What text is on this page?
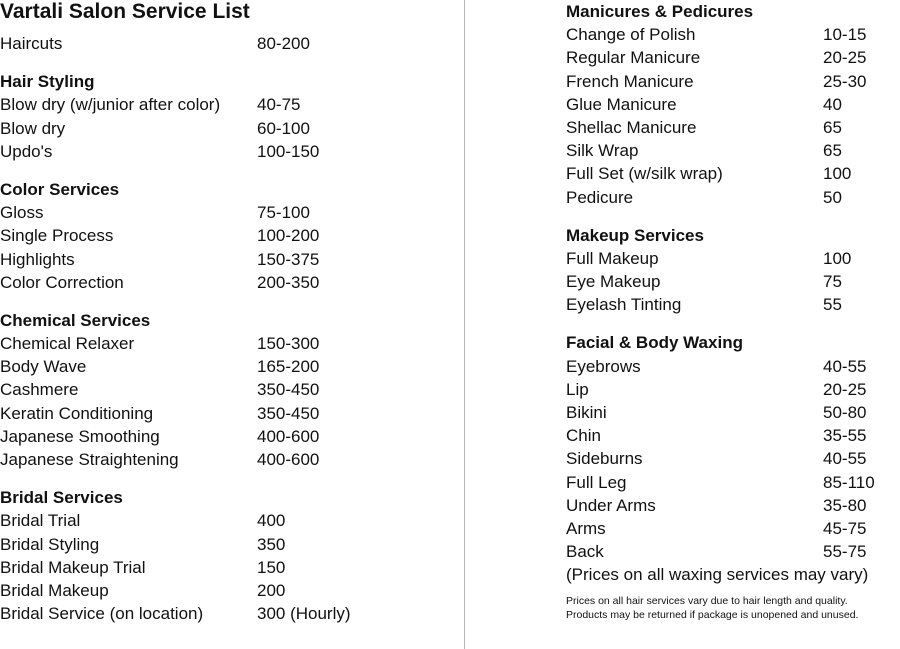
Vartali Salon Service List
Haircuts	80-200
Hair Styling
Blow dry (w/junior after color)	40-75
Blow dry	60-100
Updo's	100-150
Color Services
Gloss	75-100
Single Process	100-200
Highlights	150-375
Color Correction	200-350
Chemical Services
Chemical Relaxer	150-300
Body Wave	165-200
Cashmere	350-450
Keratin Conditioning	350-450
Japanese Smoothing	400-600
Japanese Straightening	400-600
Bridal Services
Bridal Trial	400
Bridal Styling	350
Bridal Makeup Trial	150
Bridal Makeup	200
Bridal Service (on location)	300 (Hourly)
Manicures & Pedicures
Change of Polish	10-15
Regular Manicure	20-25
French Manicure	25-30
Glue Manicure	40
Shellac Manicure	65
Silk Wrap	65
Full Set (w/silk wrap)	100
Pedicure	50
Makeup Services
Full Makeup	100
Eye Makeup	75
Eyelash Tinting	55
Facial & Body Waxing
Eyebrows	40-55
Lip	20-25
Bikini	50-80
Chin	35-55
Sideburns	40-55
Full Leg	85-110
Under Arms	35-80
Arms	45-75
Back	55-75
(Prices on all waxing services may vary)
Prices on all hair services vary due to hair length and quality.
Products may be returned if package is unopened and unused.
